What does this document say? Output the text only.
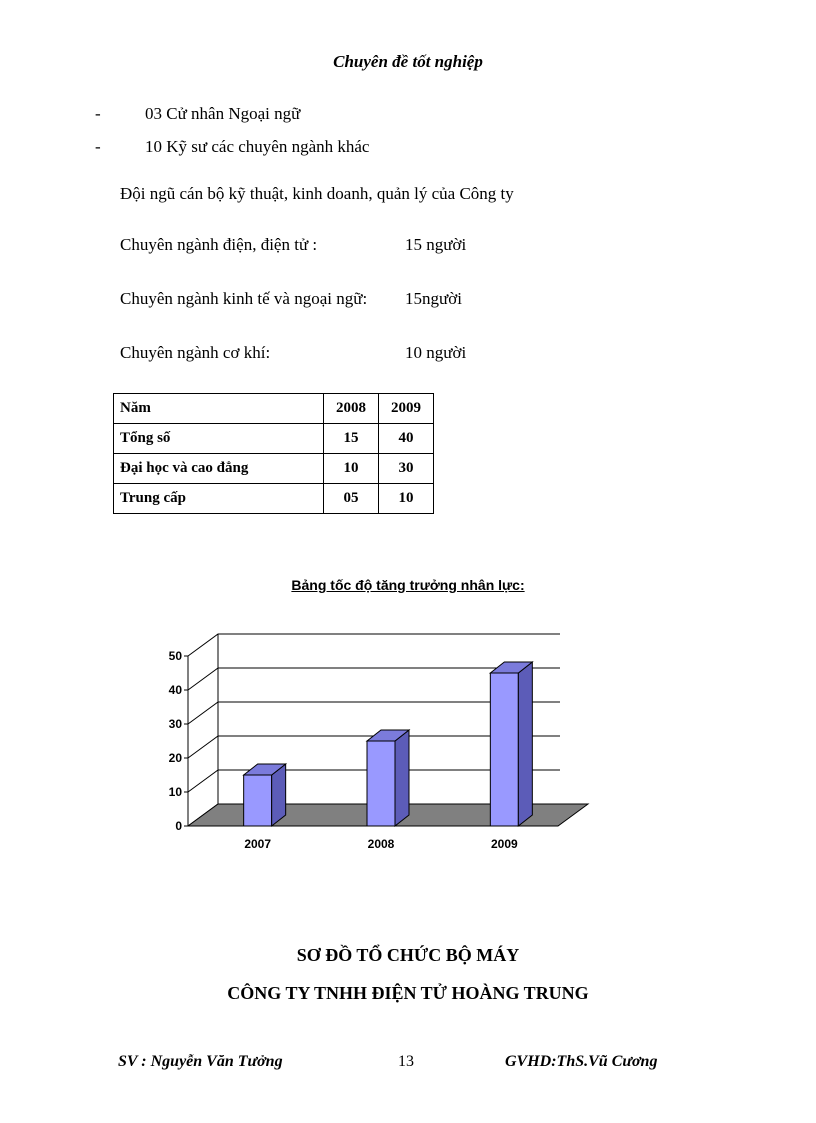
Chuyên đề tốt nghiệp
-	03 Cử nhân Ngoại ngữ
-	10 Kỹ sư các chuyên ngành khác
Đội ngũ cán bộ kỹ thuật, kinh doanh, quản lý của Công ty
Chuyên ngành điện, điện tử :	15 người
Chuyên ngành kinh tế và ngoại ngữ: 15người
Chuyên ngành cơ khí:	10 người
Năm	2008	2009
Tổng số	15	40
Đại học và cao đẳng	10	30
Trung cấp	05	10
Bảng tốc độ tăng trưởng nhân lực:
0
10
20
30
40
50
2007	2008	2009
SƠ ĐỒ TỔ CHỨC BỘ MÁY
CÔNG TY TNHH ĐIỆN TỬ HOÀNG TRUNG
SV : Nguyễn Văn Tưởng	13	GVHD:ThS.Vũ Cương
